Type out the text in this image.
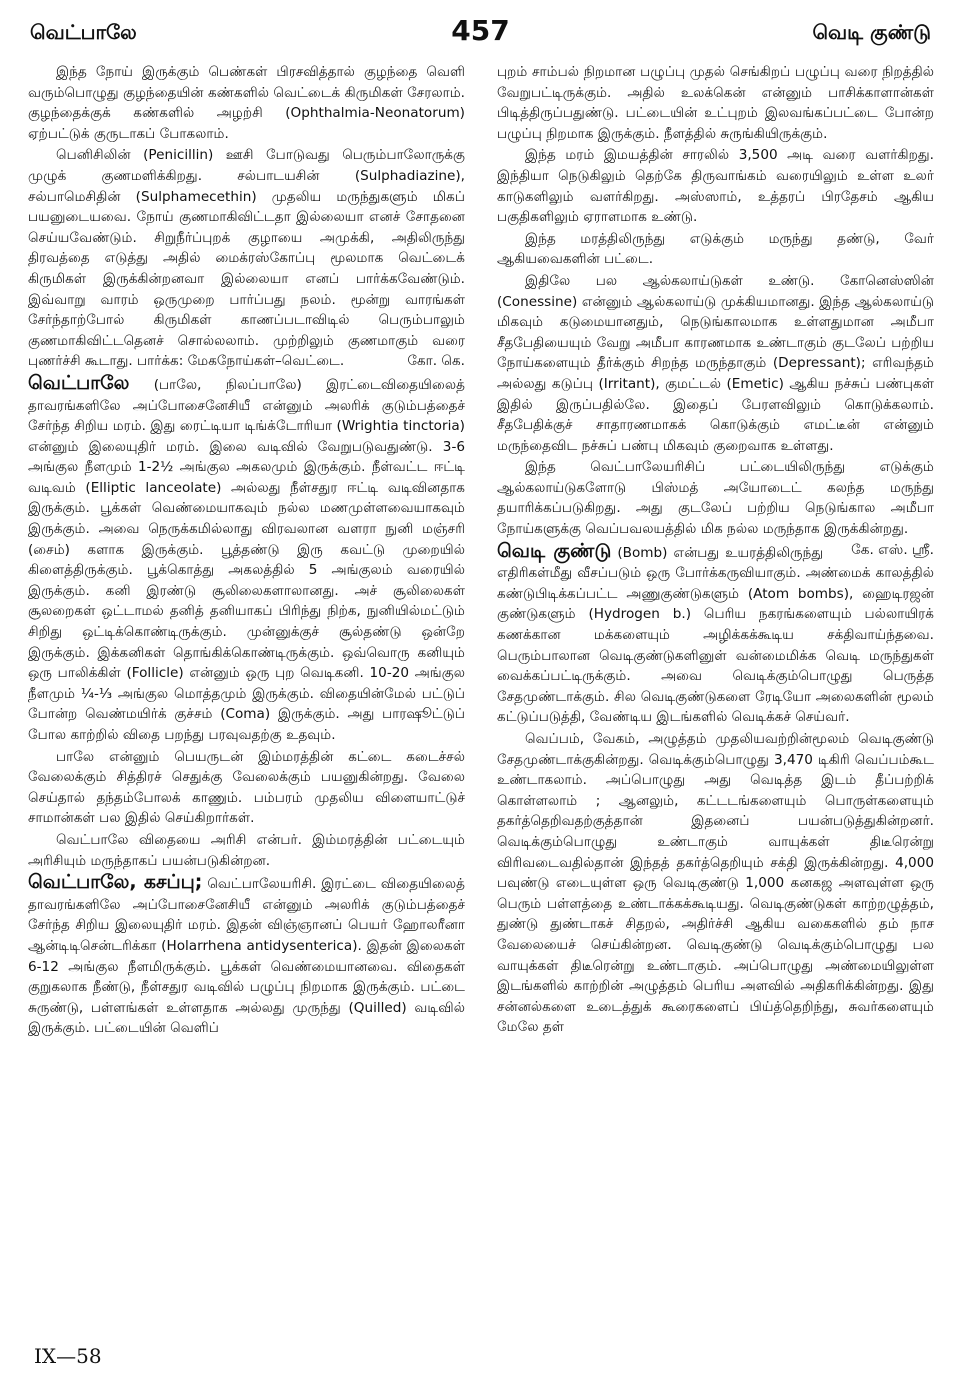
வெட்பாலே	457	வெடி குண்டு

இந்த நோய் இருக்கும் பெண்கள் பிரசவித்தால் குழந்தை வெளி வரும்பொழுது குழந்தையின் கண்களில் வெட்டைக் கிருமிகள் சேரலாம். குழந்தைக்குக் கண்களில் அழற்சி (Ophthalmia-Neonatorum) ஏற்பட்டுக் குருடாகப் போகலாம்.

பெனிசிலின் (Penicillin) ஊசி போடுவது பெரும்பாலோருக்கு முழுக் குணமளிக்கிறது. சல்பாடயசின் (Sulphadiazine), சல்பாமெசிதின் (Sulphamecethin) முதலிய மருந்துகளும் மிகப் பயனுடையவை. நோய் குணமாகிவிட்டதா இல்லையா எனச் சோதனை செய்யவேண்டும். சிறுநீர்ப்புறக் குழாயை அமுக்கி, அதிலிருந்து திரவத்தை எடுத்து அதில் மைக்ரஸ்கோப்பு மூலமாக வெட்டைக் கிருமிகள் இருக்கின்றனவா இல்லையா எனப் பார்க்கவேண்டும். இவ்வாறு வாரம் ஒருமுறை பார்ப்பது நலம். மூன்று வாரங்கள் சேர்ந்தாற்போல் கிருமிகள் காணப்படாவிடில் பெரும்பாலும் குணமாகிவிட்டதெனச் சொல்லலாம். முற்றிலும் குணமாகும் வரை புணர்ச்சி கூடாது. பார்க்க: மேகநோய்கள்–வெட்டை.	கோ. கெ.

வெட்பாலே (பாலே, நிலப்பாலே) இரட்டைவிதையிலைத் தாவரங்களிலே அப்போசைனேசியீ என்னும் அலரிக் குடும்பத்தைச் சேர்ந்த சிறிய மரம். இது ரைட்டியா டிங்க்டோரியா (Wrightia tinctoria) என்னும் இலையுதிர் மரம். இலை வடிவில் வேறுபடுவதுண்டு. 3-6 அங்குல நீளமும் 1-2½ அங்குல அகலமும் இருக்கும். நீள்வட்ட ஈட்டி வடிவம் (Elliptic lanceolate) அல்லது நீள்சதுர ஈட்டி வடிவினதாக இருக்கும். பூக்கள் வெண்மையாகவும் நல்ல மணமுள்ளவையாகவும் இருக்கும். அவை நெருக்கமில்லாது விரவலான வளரா நுனி மஞ்சரி (சைம்) களாக இருக்கும். பூத்தண்டு இரு கவட்டு முறையில் கிளைத்திருக்கும். பூக்கொத்து அகலத்தில் 5 அங்குலம் வரையில் இருக்கும். கனி இரண்டு சூலிலைகளாலானது. அச் சூலிலைகள் சூலறைகள் ஒட்டாமல் தனித் தனியாகப் பிரிந்து நிற்க, நுனியில்மட்டும் சிறிது ஒட்டிக்கொண்டிருக்கும். முன்னுக்குச் சூல்தண்டு ஒன்றே இருக்கும். இக்கனிகள் தொங்கிக்கொண்டிருக்கும். ஒவ்வொரு கனியும் ஒரு பாலிக்கிள் (Follicle) என்னும் ஒரு புற வெடிகனி. 10-20 அங்குல நீளமும் ¼-⅓ அங்குல மொத்தமும் இருக்கும். விதையின்மேல் பட்டுப் போன்ற வெண்மயிர்க் குச்சம் (Coma) இருக்கும். அது பாரஷூட்டுப் போல காற்றில் விதை பறந்து பரவுவதற்கு உதவும்.

பாலே என்னும் பெயருடன் இம்மரத்தின் கட்டை கடைச்சல் வேலைக்கும் சித்திரச் செதுக்கு வேலைக்கும் பயனுகின்றது. வேலை செய்தால் தந்தம்போலக் காணும். பம்பரம் முதலிய விளையாட்டுச் சாமான்கள் பல இதில் செய்கிறார்கள்.

வெட்பாலே விதையை அரிசி என்பர். இம்மரத்தின் பட்டையும் அரிசியும் மருந்தாகப் பயன்படுகின்றன.

வெட்பாலே, கசப்பு; வெட்பாலேயரிசி. இரட்டை விதையிலைத் தாவரங்களிலே அப்போசைனேசியீ என்னும் அலரிக் குடும்பத்தைச் சேர்ந்த சிறிய இலையுதிர் மரம். இதன் விஞ்ஞானப் பெயர் ஹோலரீனா ஆன்டிடிசென்டரிக்கா (Holarrhena antidysenterica). இதன் இலைகள் 6-12 அங்குல நீளமிருக்கும். பூக்கள் வெண்மையானவை. விதைகள் குறுகலாக நீண்டு, நீள்சதுர வடிவில் பழுப்பு நிறமாக இருக்கும். பட்டை சுருண்டு, பள்ளங்கள் உள்ளதாக அல்லது முருந்து (Quilled) வடிவில் இருக்கும். பட்டையின் வெளிப்

புறம் சாம்பல் நிறமான பழுப்பு முதல் செங்கிறப் பழுப்பு வரை நிறத்தில் வேறுபட்டிருக்கும். அதில் உலக்கென் என்னும் பாசிக்காளான்கள் பிடித்திருப்பதுண்டு. பட்டையின் உட்புறம் இலவங்கப்பட்டை போன்ற பழுப்பு நிறமாக இருக்கும். நீளத்தில் சுருங்கியிருக்கும்.

இந்த மரம் இமயத்தின் சாரலில் 3,500 அடி வரை வளர்கிறது. இந்தியா நெடுகிலும் தெற்கே திருவாங்கம் வரையிலும் உள்ள உலர் காடுகளிலும் வளர்கிறது. அஸ்ஸாம், உத்தரப் பிரதேசம் ஆகிய பகுதிகளிலும் ஏராளமாக உண்டு.

இந்த மரத்திலிருந்து எடுக்கும் மருந்து தண்டு, வேர் ஆகியவைகளின் பட்டை.

இதிலே பல ஆல்கலாய்டுகள் உண்டு. கோனெஸ்ஸின் (Conessine) என்னும் ஆல்கலாய்டு முக்கியமானது. இந்த ஆல்கலாய்டு மிகவும் கடுமையானதும், நெடுங்காலமாக உள்ளதுமான அமீபா சீதபேதியையும் வேறு அமீபா காரணமாக உண்டாகும் குடலேப் பற்றிய நோய்களையும் தீர்க்கும் சிறந்த மருந்தாகும் (Depressant); எரிவந்தம் அல்லது கடுப்பு (Irritant), குமட்டல் (Emetic) ஆகிய நச்சுப் பண்புகள் இதில் இருப்பதில்லே. இதைப் பேரளவிலும் கொடுக்கலாம். சீதபேதிக்குச் சாதாரணமாகக் கொடுக்கும் எமட்டீன் என்னும் மருந்தைவிட நச்சுப் பண்பு மிகவும் குறைவாக உள்ளது.

இந்த வெட்பாலேயரிசிப் பட்டையிலிருந்து எடுக்கும் ஆல்கலாய்டுகளோடு பிஸ்மத் அயோடைட் கலந்த மருந்து தயாரிக்கப்படுகிறது. அது குடலேப் பற்றிய நெடுங்கால அமீபா நோய்களுக்கு வெப்பவலயத்தில் மிக நல்ல மருந்தாக இருக்கின்றது.
கே. எஸ். ஸ்ரீ.

வெடி குண்டு (Bomb) என்பது உயரத்திலிருந்து எதிரிகள்மீது வீசப்படும் ஒரு போர்க்கருவியாகும். அண்மைக் காலத்தில் கண்டுபிடிக்கப்பட்ட அணுகுண்டுகளும் (Atom bombs), ஹைடிரஜன் குண்டுகளும் (Hydrogen b.) பெரிய நகரங்களையும் பல்லாயிரக் கணக்கான மக்களையும் அழிக்கக்கூடிய சக்திவாய்ந்தவை. பெரும்பாலான வெடிகுண்டுகளினுள் வன்மைமிக்க வெடி மருந்துகள் வைக்கப்பட்டிருக்கும். அவை வெடிக்கும்பொழுது பெருத்த சேதமுண்டாக்கும். சில வெடிகுண்டுகளை ரேடியோ அலைகளின் மூலம் கட்டுப்படுத்தி, வேண்டிய இடங்களில் வெடிக்கச் செய்வர்.

வெப்பம், வேகம், அழுத்தம் முதலியவற்றின்மூலம் வெடிகுண்டு சேதமுண்டாக்குகின்றது. வெடிக்கும்பொழுது 3,470 டிகிரி வெப்பம்கூட உண்டாகலாம். அப்பொழுது அது வெடித்த இடம் தீப்பற்றிக் கொள்ளலாம் ; ஆனலும், கட்டடங்களையும் பொருள்களையும் தகர்த்தெறிவதற்குத்தான் இதனைப் பயன்படுத்துகின்றனர். வெடிக்கும்பொழுது உண்டாகும் வாயுக்கள் திடீரென்று விரிவடைவதில்தான் இந்தத் தகர்த்தெறியும் சக்தி இருக்கின்றது. 4,000 பவுண்டு எடையுள்ள ஒரு வெடிகுண்டு 1,000 கனகஜ அளவுள்ள ஒரு பெரும் பள்ளத்தை உண்டாக்கக்கூடியது. வெடிகுண்டுகள் காற்றழுத்தம், துண்டு துண்டாகச் சிதறல், அதிர்ச்சி ஆகிய வகைகளில் தம் நாச வேலையைச் செய்கின்றன. வெடிகுண்டு வெடிக்கும்பொழுது பல வாயுக்கள் திடீரென்று உண்டாகும். அப்பொழுது அண்மையிலுள்ள இடங்களில் காற்றின் அழுத்தம் பெரிய அளவில் அதிகரிக்கின்றது. இது சன்னல்களை உடைத்துக் கூரைகளைப் பிய்த்தெறிந்து, சுவர்களையும் மேலே தள்

IX—58
